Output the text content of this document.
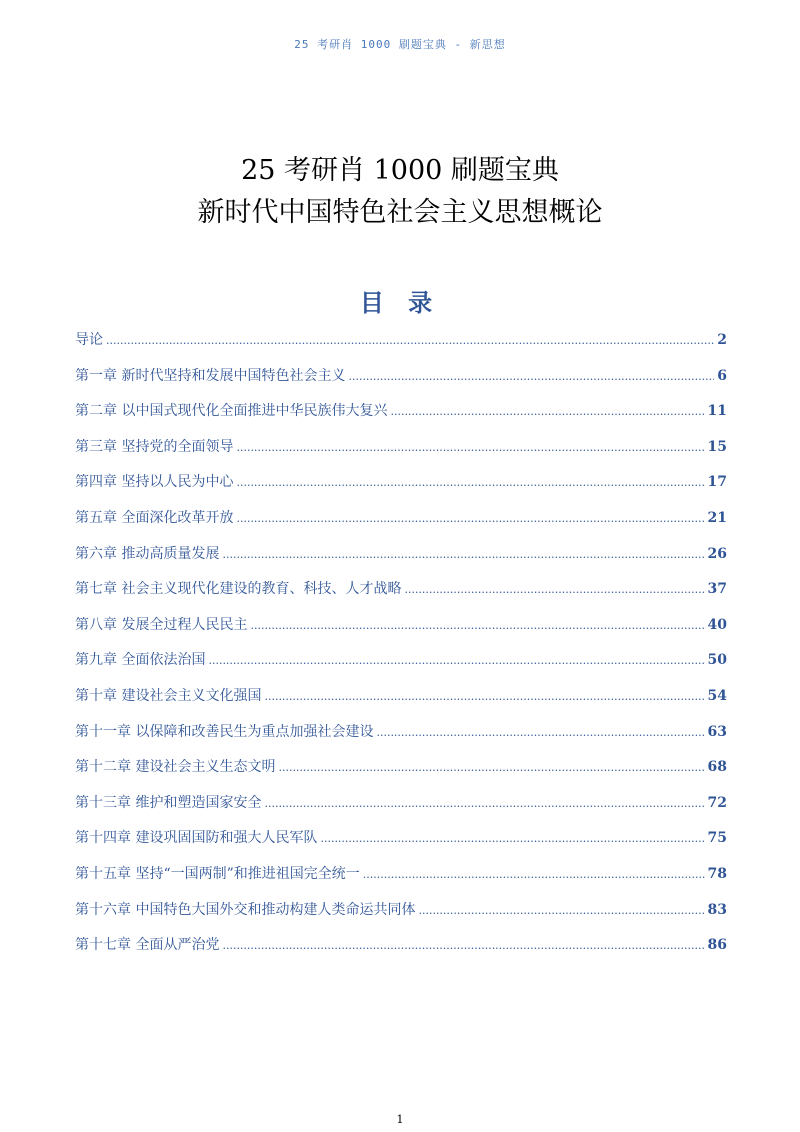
25 考研肖 1000 刷题宝典 - 新思想
25 考研肖 1000 刷题宝典
新时代中国特色社会主义思想概论
目 录
导论 .....	2
第一章 新时代坚持和发展中国特色社会主义 .....	6
第二章 以中国式现代化全面推进中华民族伟大复兴 .....	11
第三章 坚持党的全面领导 .....	15
第四章 坚持以人民为中心 .....	17
第五章 全面深化改革开放 .....	21
第六章 推动高质量发展 .....	26
第七章 社会主义现代化建设的教育、科技、人才战略 .....	37
第八章 发展全过程人民民主 .....	40
第九章 全面依法治国 .....	50
第十章 建设社会主义文化强国 .....	54
第十一章 以保障和改善民生为重点加强社会建设 .....	63
第十二章 建设社会主义生态文明 .....	68
第十三章 维护和塑造国家安全 .....	72
第十四章 建设巩固国防和强大人民军队 .....	75
第十五章 坚持“一国两制”和推进祖国完全统一 .....	78
第十六章 中国特色大国外交和推动构建人类命运共同体 .....	83
第十七章 全面从严治党 .....	86
1
